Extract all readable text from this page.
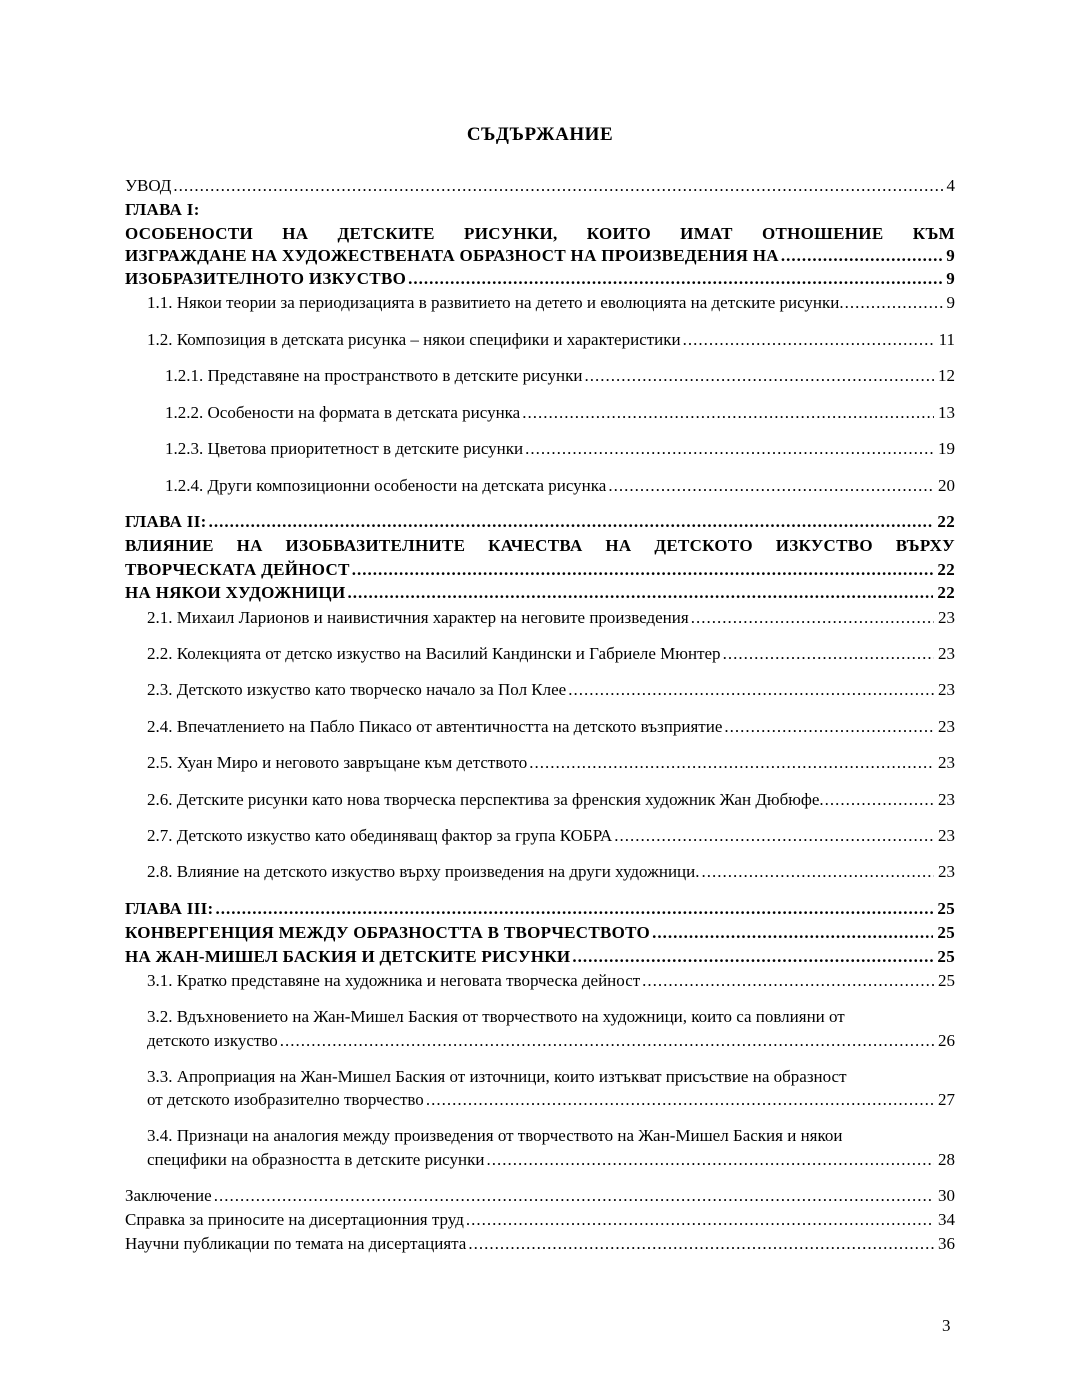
СЪДЪРЖАНИЕ
УВОД .....	4
ГЛАВА I:
ОСОБЕНОСТИ НА ДЕТСКИТЕ РИСУНКИ, КОИТО ИМАТ ОТНОШЕНИЕ КЪМ
ИЗГРАЖДАНЕ НА ХУДОЖЕСТВЕНАТА ОБРАЗНОСТ НА ПРОИЗВЕДЕНИЯ НА .....	9
ИЗОБРАЗИТЕЛНОТО ИЗКУСТВО .....	9
1.1. Някои теории за периодизацията в развитието на детето и еволюцията на детските рисунки .....	9
1.2. Композиция в детската рисунка – някои специфики и характеристики .....	11
1.2.1. Представяне на пространството в детските рисунки .....	12
1.2.2. Особености на формата в детската рисунка .....	13
1.2.3. Цветова приоритетност в детските рисунки .....	19
1.2.4. Други композиционни особености на детската рисунка .....	20
ГЛАВА II: .....	22
ВЛИЯНИЕ НА ИЗОБВАЗИТЕЛНИТЕ КАЧЕСТВА НА ДЕТСКОТО ИЗКУСТВО ВЪРХУ
ТВОРЧЕСКАТА ДЕЙНОСТ .....	22
НА НЯКОИ ХУДОЖНИЦИ .....	22
2.1. Михаил Ларионов и наивистичния характер на неговите произведения .....	23
2.2. Колекцията от детско изкуство на Василий Кандински и Габриеле Мюнтер .....	23
2.3. Детското изкуство като творческо начало за Пол Клее .....	23
2.4. Впечатлението на Пабло Пикасо от автентичността на детското възприятие .....	23
2.5. Хуан Миро и неговото завръщане към детството .....	23
2.6. Детските рисунки като нова творческа перспектива за френския художник Жан Дюбюфе .....	23
2.7. Детското изкуство като обединяващ фактор за група КОБРА .....	23
2.8. Влияние на детското изкуство върху произведения на други художници. .....	23
ГЛАВА III: .....	25
КОНВЕРГЕНЦИЯ МЕЖДУ ОБРАЗНОСТТА В ТВОРЧЕСТВОТО .....	25
НА ЖАН-МИШЕЛ БАСКИЯ И ДЕТСКИТЕ РИСУНКИ .....	25
3.1. Кратко представяне на художника и неговата творческа дейност .....	25
3.2. Вдъхновението на Жан-Мишел Баския от творчеството на художници, които са повлияни от
детското изкуство .....	26
3.3. Апроприация на Жан-Мишел Баския от източници, които изтъкват присъствие на образност
от детското изобразително творчество .....	27
3.4. Признаци на аналогия между произведения от творчеството на Жан-Мишел Баския и някои
специфики на образността в детските рисунки .....	28
Заключение .....	30
Справка за приносите на дисертационния труд .....	34
Научни публикации по темата на дисертацията .....	36
3
